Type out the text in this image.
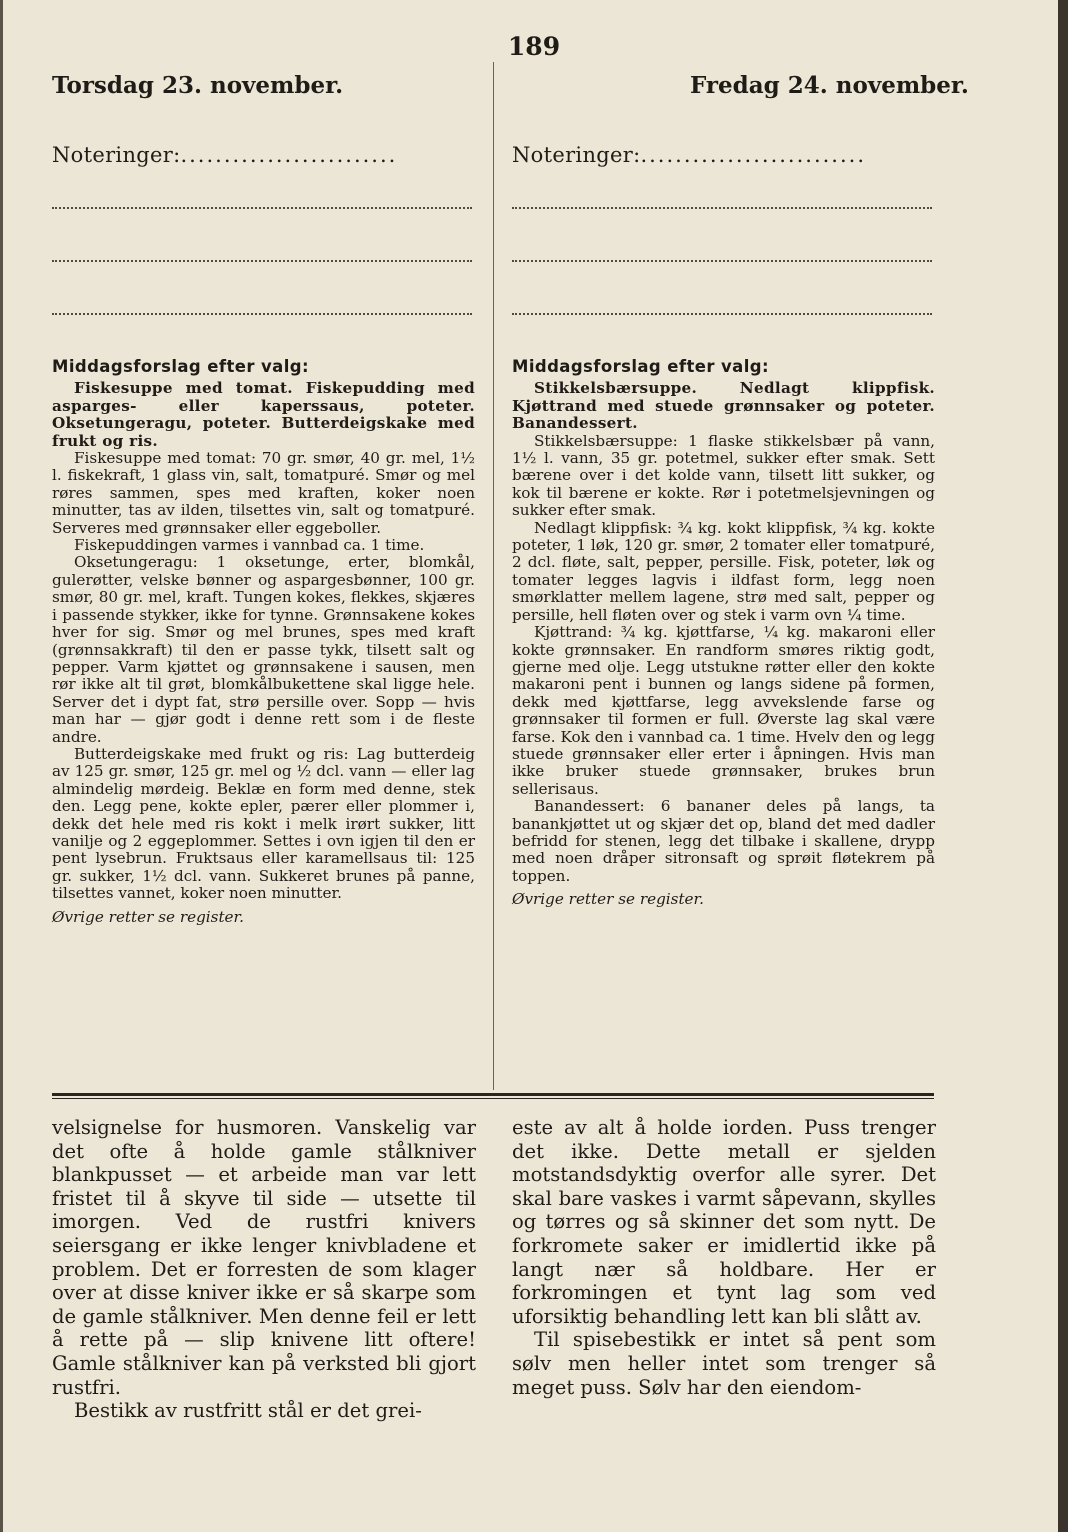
189
Torsdag 23. november.	Fredag 24. november.
Noteringer:.........................	Noteringer:..........................
Middagsforslag efter valg:

Fiskesuppe med tomat. Fiskepudding med asparges- eller kaperssaus, poteter. Oksetungeragu, poteter. Butterdeigskake med frukt og ris.

Fiskesuppe med tomat: 70 gr. smør, 40 gr. mel, 1½ l. fiskekraft, 1 glass vin, salt, tomatpuré. Smør og mel røres sammen, spes med kraften, koker noen minutter, tas av ilden, tilsettes vin, salt og tomatpuré. Serveres med grønnsaker eller eggeboller.

Fiskepuddingen varmes i vannbad ca. 1 time.

Oksetungeragu: 1 oksetunge, erter, blomkål, gulerøtter, velske bønner og aspargesbønner, 100 gr. smør, 80 gr. mel, kraft. Tungen kokes, flekkes, skjæres i passende stykker, ikke for tynne. Grønnsakene kokes hver for sig. Smør og mel brunes, spes med kraft (grønnsakkraft) til den er passe tykk, tilsett salt og pepper. Varm kjøttet og grønnsakene i sausen, men rør ikke alt til grøt, blomkålbukettene skal ligge hele. Server det i dypt fat, strø persille over. Sopp — hvis man har — gjør godt i denne rett som i de fleste andre.

Butterdeigskake med frukt og ris: Lag butterdeig av 125 gr. smør, 125 gr. mel og ½ dcl. vann — eller lag almindelig mørdeig. Beklæ en form med denne, stek den. Legg pene, kokte epler, pærer eller plommer i, dekk det hele med ris kokt i melk irørt sukker, litt vanilje og 2 eggeplommer. Settes i ovn igjen til den er pent lysebrun. Fruktsaus eller karamellsaus til: 125 gr. sukker, 1½ dcl. vann. Sukkeret brunes på panne, tilsettes vannet, koker noen minutter.

Øvrige retter se register.

Middagsforslag efter valg:

Stikkelsbærsuppe. Nedlagt klippfisk. Kjøttrand med stuede grønnsaker og poteter. Banandessert.

Stikkelsbærsuppe: 1 flaske stikkelsbær på vann, 1½ l. vann, 35 gr. potetmel, sukker efter smak. Sett bærene over i det kolde vann, tilsett litt sukker, og kok til bærene er kokte. Rør i potetmelsjevningen og sukker efter smak.

Nedlagt klippfisk: ¾ kg. kokt klippfisk, ¾ kg. kokte poteter, 1 løk, 120 gr. smør, 2 tomater eller tomatpuré, 2 dcl. fløte, salt, pepper, persille. Fisk, poteter, løk og tomater legges lagvis i ildfast form, legg noen smørklatter mellem lagene, strø med salt, pepper og persille, hell fløten over og stek i varm ovn ¼ time.

Kjøttrand: ¾ kg. kjøttfarse, ¼ kg. makaroni eller kokte grønnsaker. En randform smøres riktig godt, gjerne med olje. Legg utstukne røtter eller den kokte makaroni pent i bunnen og langs sidene på formen, dekk med kjøttfarse, legg avvekslende farse og grønnsaker til formen er full. Øverste lag skal være farse. Kok den i vannbad ca. 1 time. Hvelv den og legg stuede grønnsaker eller erter i åpningen. Hvis man ikke bruker stuede grønnsaker, brukes brun sellerisaus.

Banandessert: 6 bananer deles på langs, ta banankjøttet ut og skjær det op, bland det med dadler befridd for stenen, legg det tilbake i skallene, drypp med noen dråper sitronsaft og sprøit fløtekrem på toppen.

Øvrige retter se register.

velsignelse for husmoren. Vanskelig var det ofte å holde gamle stålkniver blankpusset — et arbeide man var lett fristet til å skyve til side — utsette til imorgen. Ved de rustfri knivers seiersgang er ikke lenger knivbladene et problem. Det er forresten de som klager over at disse kniver ikke er så skarpe som de gamle stålkniver. Men denne feil er lett å rette på — slip knivene litt oftere! Gamle stålkniver kan på verksted bli gjort rustfri.

Bestikk av rustfritt stål er det grei-

este av alt å holde iorden. Puss trenger det ikke. Dette metall er sjelden motstandsdyktig overfor alle syrer. Det skal bare vaskes i varmt såpevann, skylles og tørres og så skinner det som nytt. De forkromete saker er imidlertid ikke på langt nær så holdbare. Her er forkromingen et tynt lag som ved uforsiktig behandling lett kan bli slått av.

Til spisebestikk er intet så pent som sølv men heller intet som trenger så meget puss. Sølv har den eiendom-
